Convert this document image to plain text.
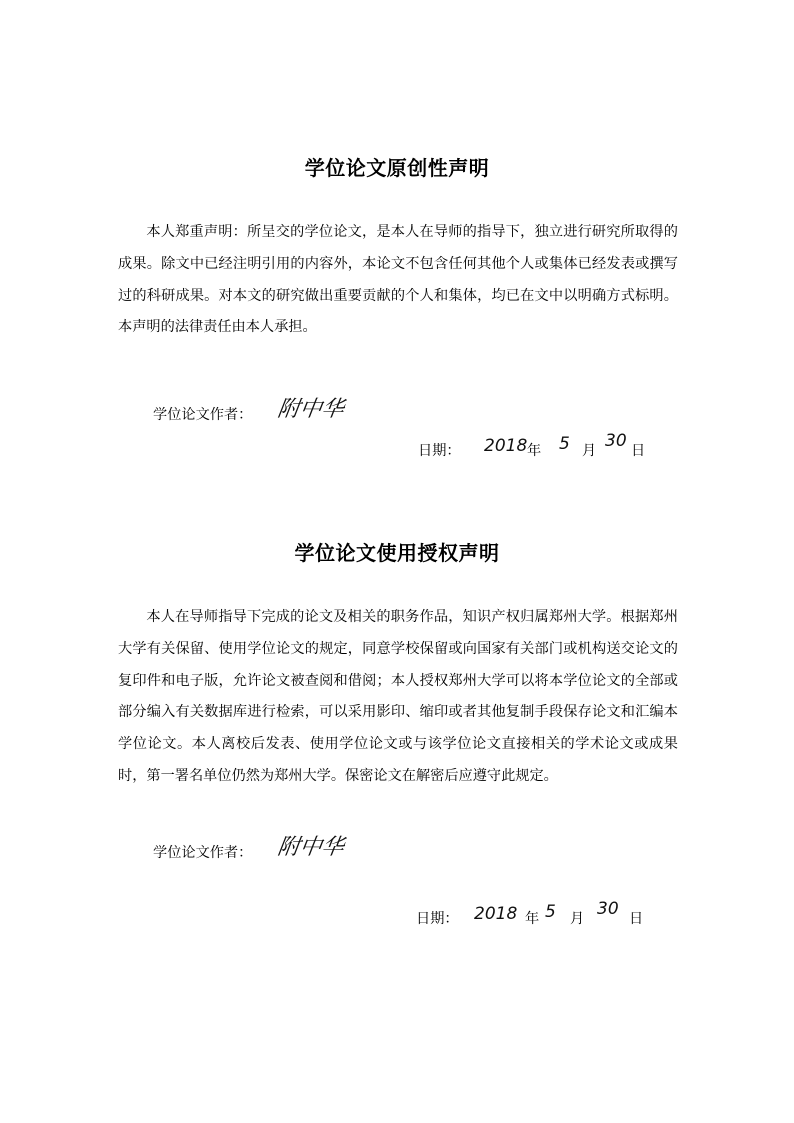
学位论文原创性声明

本人郑重声明：所呈交的学位论文，是本人在导师的指导下，独立进行研究所取得的成果。除文中已经注明引用的内容外，本论文不包含任何其他个人或集体已经发表或撰写过的科研成果。对本文的研究做出重要贡献的个人和集体，均已在文中以明确方式标明。本声明的法律责任由本人承担。

学位论文作者： 附中华
日期： 2018 年 5 月 30 日
学位论文使用授权声明

本人在导师指导下完成的论文及相关的职务作品，知识产权归属郑州大学。根据郑州大学有关保留、使用学位论文的规定，同意学校保留或向国家有关部门或机构送交论文的复印件和电子版，允许论文被查阅和借阅；本人授权郑州大学可以将本学位论文的全部或部分编入有关数据库进行检索，可以采用影印、缩印或者其他复制手段保存论文和汇编本学位论文。本人离校后发表、使用学位论文或与该学位论文直接相关的学术论文或成果时，第一署名单位仍然为郑州大学。保密论文在解密后应遵守此规定。

学位论文作者： 附中华
日期： 2018 年 5 月 30 日
